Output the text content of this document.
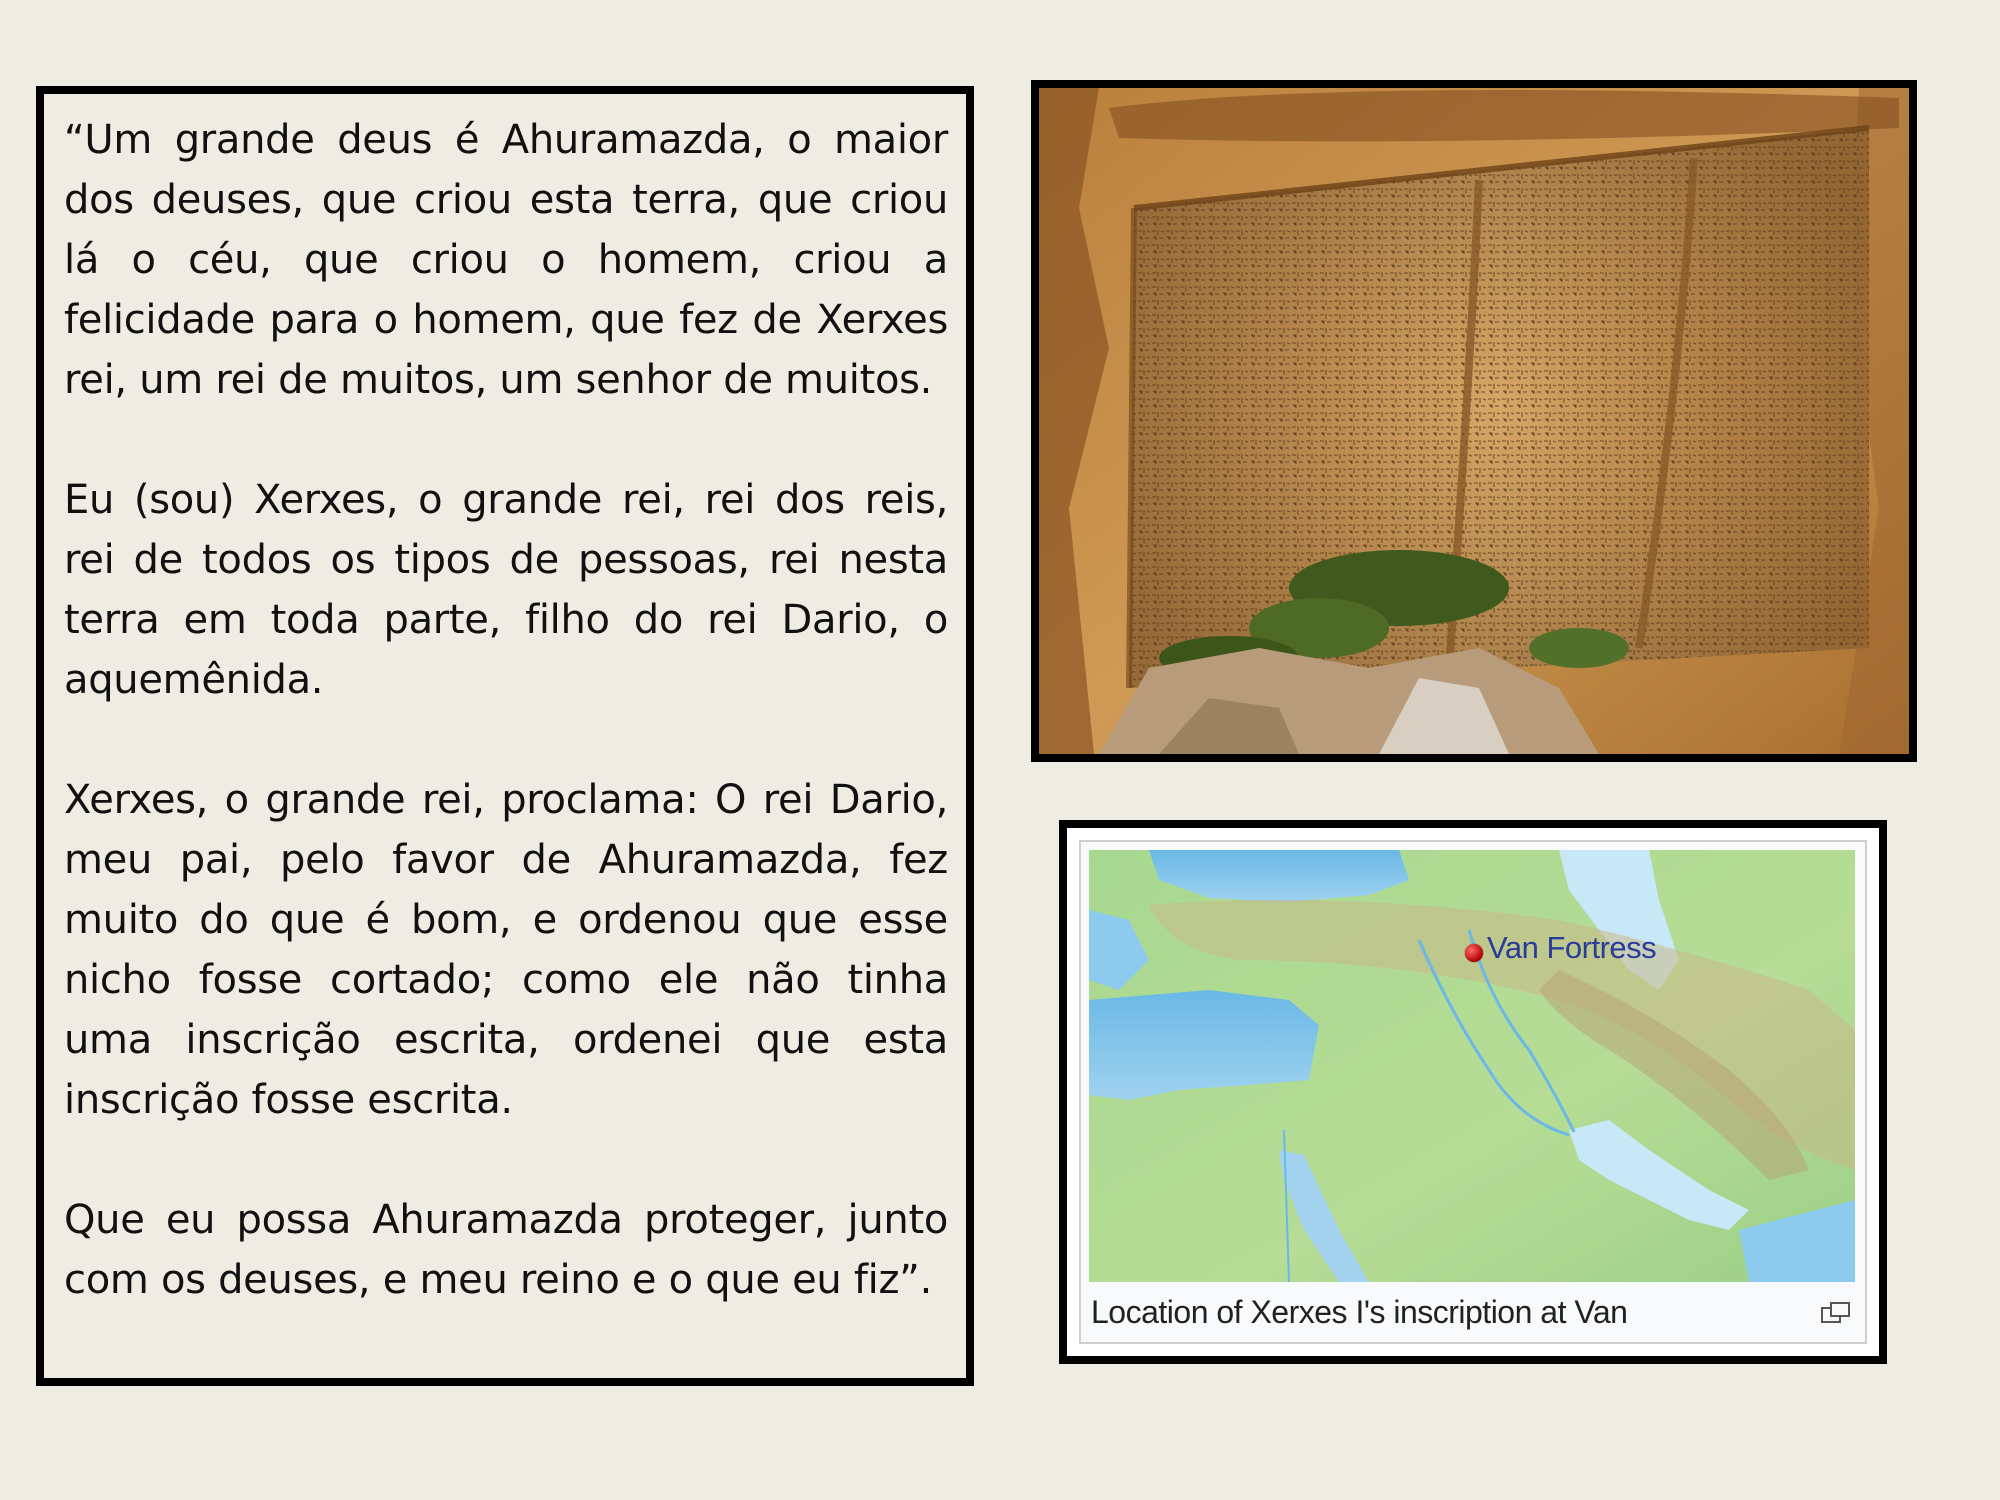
“Um grande deus é Ahuramazda, o maior dos deuses, que criou esta terra, que criou lá o céu, que criou o homem, criou a felicidade para o homem, que fez de Xerxes rei, um rei de muitos, um senhor de muitos.

Eu (sou) Xerxes, o grande rei, rei dos reis, rei de todos os tipos de pessoas, rei nesta terra em toda parte, filho do rei Dario, o aquemênida.

Xerxes, o grande rei, proclama: O rei Dario, meu pai, pelo favor de Ahuramazda, fez muito do que é bom, e ordenou que esse nicho fosse cortado; como ele não tinha uma inscrição escrita, ordenei que esta inscrição fosse escrita.

Que eu possa Ahuramazda proteger, junto com os deuses, e meu reino e o que eu fiz”.

Van Fortress
Location of Xerxes I's inscription at Van
